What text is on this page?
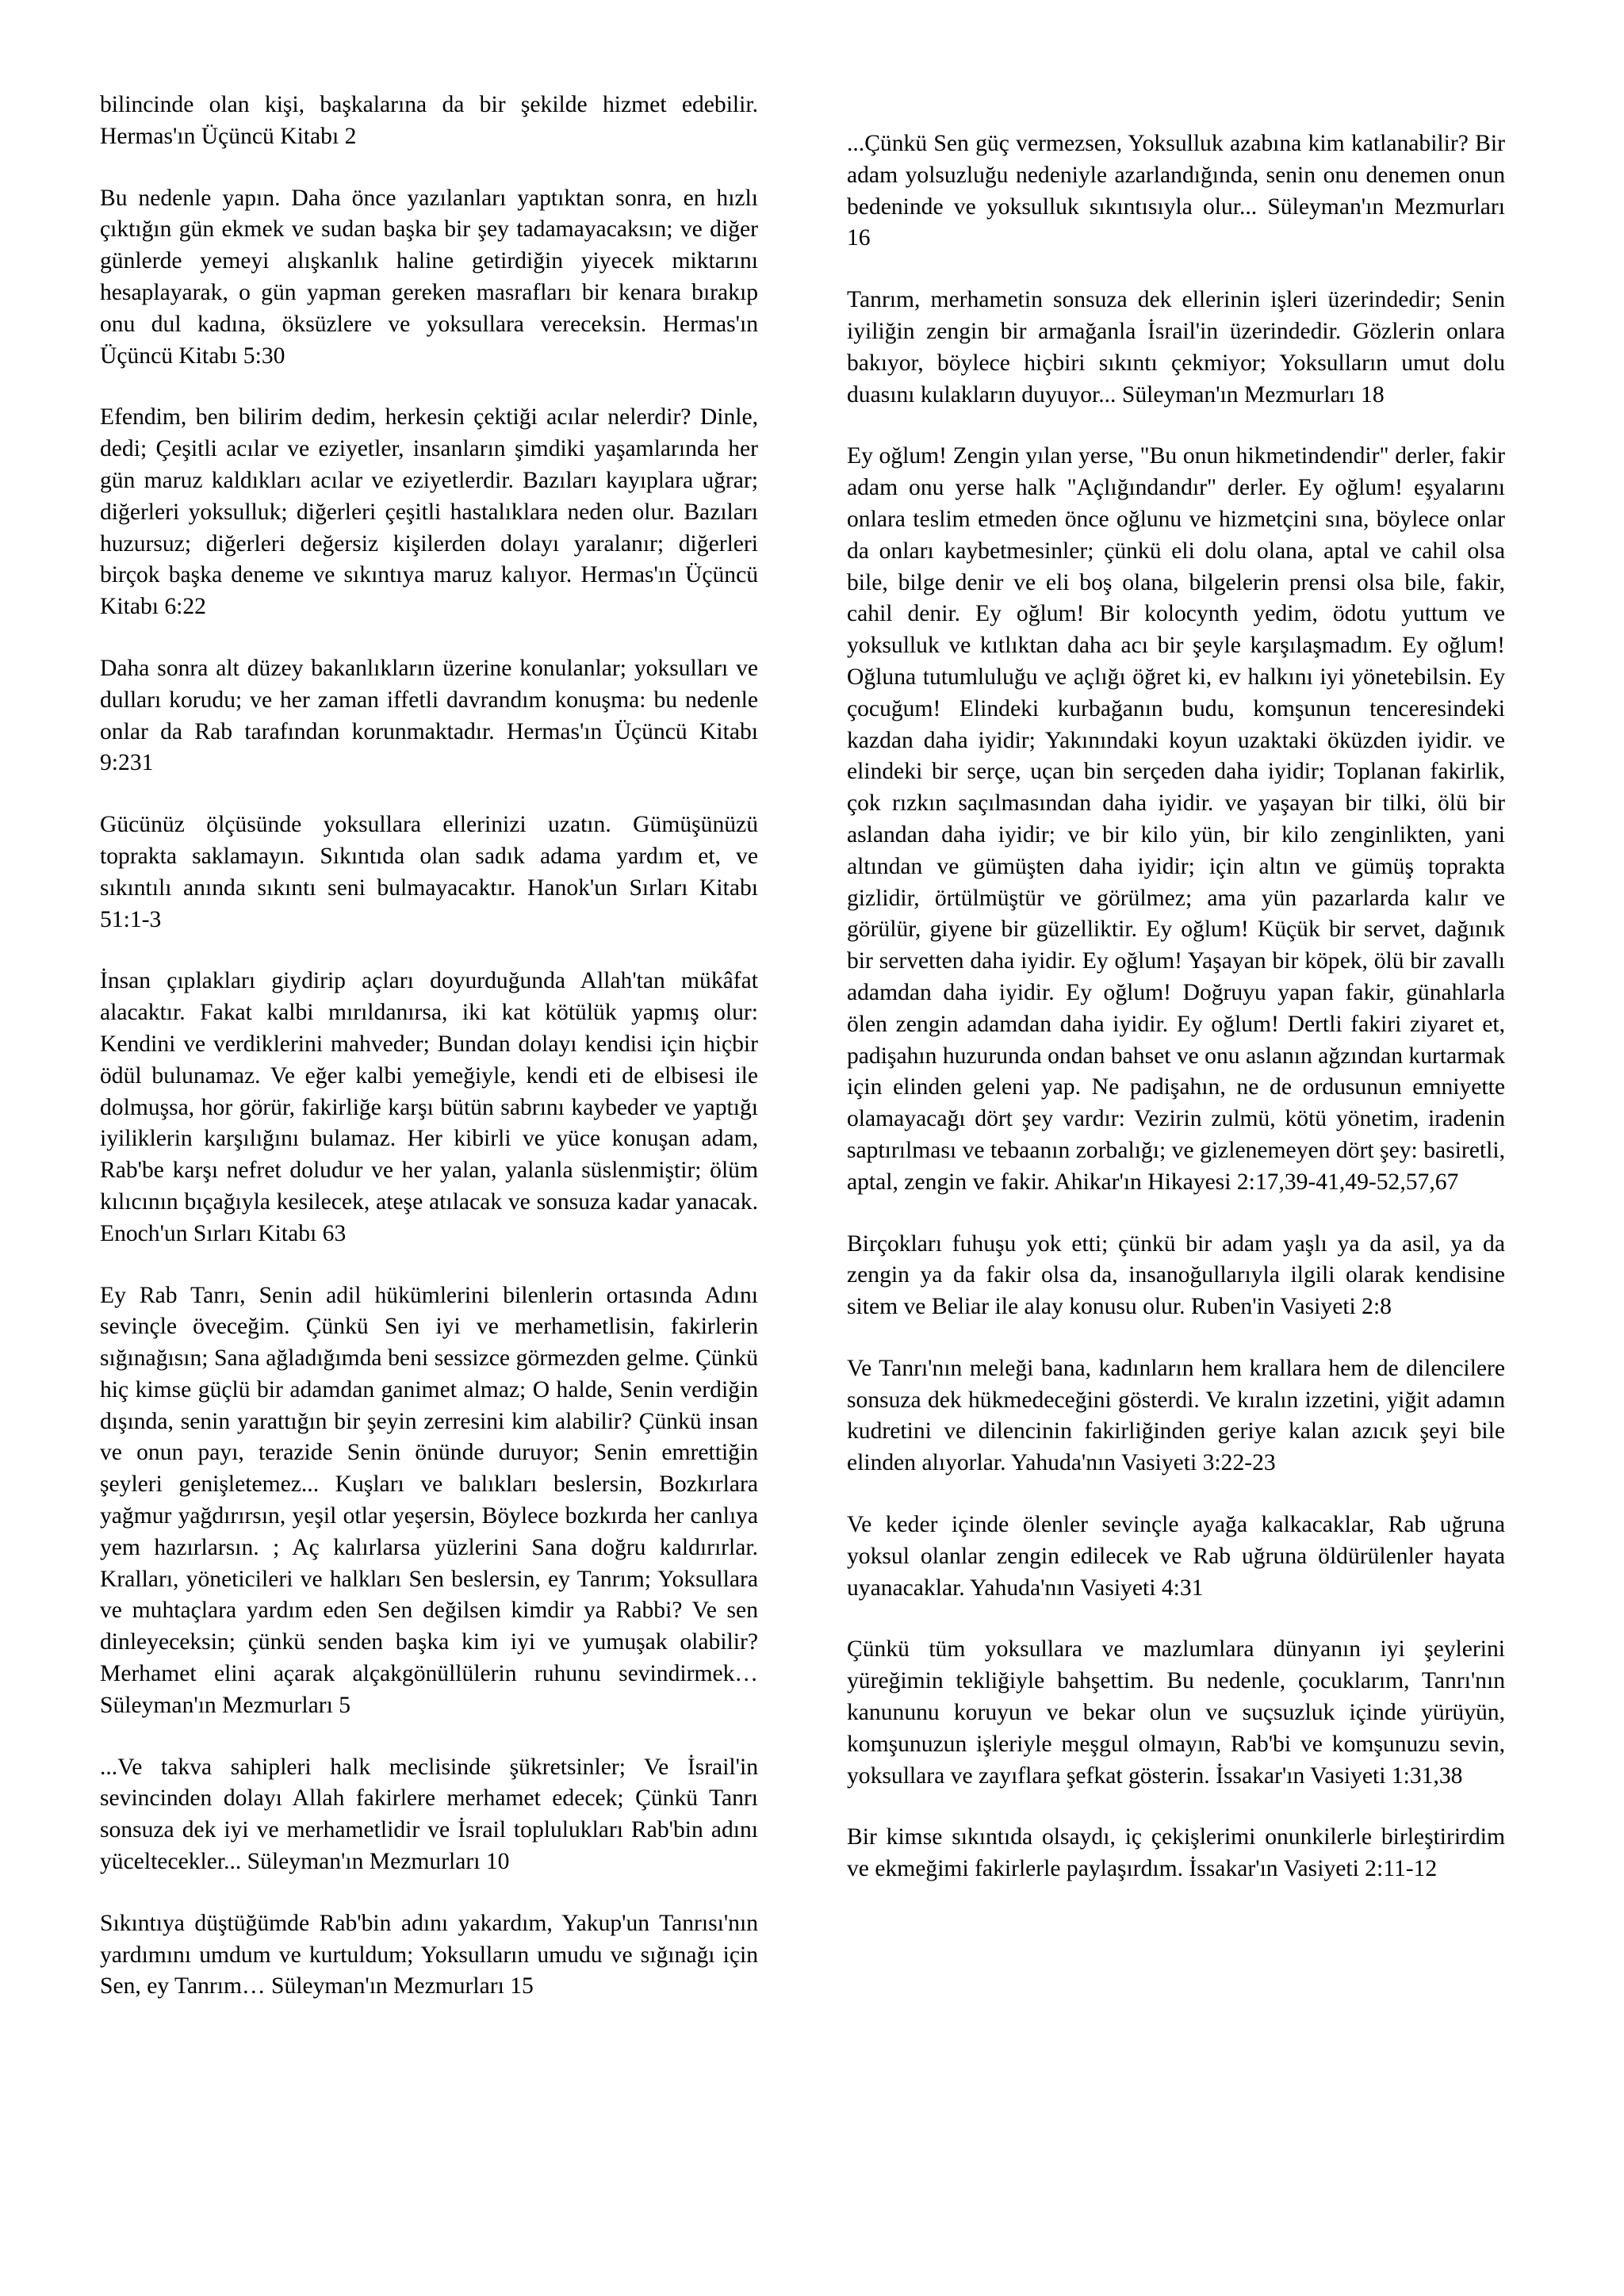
bilincinde olan kişi, başkalarına da bir şekilde hizmet edebilir. Hermas'ın Üçüncü Kitabı 2

Bu nedenle yapın. Daha önce yazılanları yaptıktan sonra, en hızlı çıktığın gün ekmek ve sudan başka bir şey tadamayacaksın; ve diğer günlerde yemeyi alışkanlık haline getirdiğin yiyecek miktarını hesaplayarak, o gün yapman gereken masrafları bir kenara bırakıp onu dul kadına, öksüzlere ve yoksullara vereceksin. Hermas'ın Üçüncü Kitabı 5:30

Efendim, ben bilirim dedim, herkesin çektiği acılar nelerdir? Dinle, dedi; Çeşitli acılar ve eziyetler, insanların şimdiki yaşamlarında her gün maruz kaldıkları acılar ve eziyetlerdir. Bazıları kayıplara uğrar; diğerleri yoksulluk; diğerleri çeşitli hastalıklara neden olur. Bazıları huzursuz; diğerleri değersiz kişilerden dolayı yaralanır; diğerleri birçok başka deneme ve sıkıntıya maruz kalıyor. Hermas'ın Üçüncü Kitabı 6:22

Daha sonra alt düzey bakanlıkların üzerine konulanlar; yoksulları ve dulları korudu; ve her zaman iffetli davrandım konuşma: bu nedenle onlar da Rab tarafından korunmaktadır. Hermas'ın Üçüncü Kitabı 9:231

Gücünüz ölçüsünde yoksullara ellerinizi uzatın. Gümüşünüzü toprakta saklamayın. Sıkıntıda olan sadık adama yardım et, ve sıkıntılı anında sıkıntı seni bulmayacaktır. Hanok'un Sırları Kitabı 51:1-3

İnsan çıplakları giydirip açları doyurduğunda Allah'tan mükâfat alacaktır. Fakat kalbi mırıldanırsa, iki kat kötülük yapmış olur: Kendini ve verdiklerini mahveder; Bundan dolayı kendisi için hiçbir ödül bulunamaz. Ve eğer kalbi yemeğiyle, kendi eti de elbisesi ile dolmuşsa, hor görür, fakirliğe karşı bütün sabrını kaybeder ve yaptığı iyiliklerin karşılığını bulamaz. Her kibirli ve yüce konuşan adam, Rab'be karşı nefret doludur ve her yalan, yalanla süslenmiştir; ölüm kılıcının bıçağıyla kesilecek, ateşe atılacak ve sonsuza kadar yanacak. Enoch'un Sırları Kitabı 63

Ey Rab Tanrı, Senin adil hükümlerini bilenlerin ortasında Adını sevinçle öveceğim. Çünkü Sen iyi ve merhametlisin, fakirlerin sığınağısın; Sana ağladığımda beni sessizce görmezden gelme. Çünkü hiç kimse güçlü bir adamdan ganimet almaz; O halde, Senin verdiğin dışında, senin yarattığın bir şeyin zerresini kim alabilir? Çünkü insan ve onun payı, terazide Senin önünde duruyor; Senin emrettiğin şeyleri genişletemez... Kuşları ve balıkları beslersin, Bozkırlara yağmur yağdırırsın, yeşil otlar yeşersin, Böylece bozkırda her canlıya yem hazırlarsın. ; Aç kalırlarsa yüzlerini Sana doğru kaldırırlar. Kralları, yöneticileri ve halkları Sen beslersin, ey Tanrım; Yoksullara ve muhtaçlara yardım eden Sen değilsen kimdir ya Rabbi? Ve sen dinleyeceksin; çünkü senden başka kim iyi ve yumuşak olabilir? Merhamet elini açarak alçakgönüllülerin ruhunu sevindirmek… Süleyman'ın Mezmurları 5

...Ve takva sahipleri halk meclisinde şükretsinler; Ve İsrail'in sevincinden dolayı Allah fakirlere merhamet edecek; Çünkü Tanrı sonsuza dek iyi ve merhametlidir ve İsrail toplulukları Rab'bin adını yüceltecekler... Süleyman'ın Mezmurları 10

Sıkıntıya düştüğümde Rab'bin adını yakardım, Yakup'un Tanrısı'nın yardımını umdum ve kurtuldum; Yoksulların umudu ve sığınağı için Sen, ey Tanrım… Süleyman'ın Mezmurları 15

...Çünkü Sen güç vermezsen, Yoksulluk azabına kim katlanabilir? Bir adam yolsuzluğu nedeniyle azarlandığında, senin onu denemen onun bedeninde ve yoksulluk sıkıntısıyla olur... Süleyman'ın Mezmurları 16

Tanrım, merhametin sonsuza dek ellerinin işleri üzerindedir; Senin iyiliğin zengin bir armağanla İsrail'in üzerindedir. Gözlerin onlara bakıyor, böylece hiçbiri sıkıntı çekmiyor; Yoksulların umut dolu duasını kulakların duyuyor... Süleyman'ın Mezmurları 18

Ey oğlum! Zengin yılan yerse, "Bu onun hikmetindendir" derler, fakir adam onu yerse halk "Açlığındandır" derler. Ey oğlum! eşyalarını onlara teslim etmeden önce oğlunu ve hizmetçini sına, böylece onlar da onları kaybetmesinler; çünkü eli dolu olana, aptal ve cahil olsa bile, bilge denir ve eli boş olana, bilgelerin prensi olsa bile, fakir, cahil denir. Ey oğlum! Bir kolocynth yedim, ödotu yuttum ve yoksulluk ve kıtlıktan daha acı bir şeyle karşılaşmadım. Ey oğlum! Oğluna tutumluluğu ve açlığı öğret ki, ev halkını iyi yönetebilsin. Ey çocuğum! Elindeki kurbağanın budu, komşunun tenceresindeki kazdan daha iyidir; Yakınındaki koyun uzaktaki öküzden iyidir. ve elindeki bir serçe, uçan bin serçeden daha iyidir; Toplanan fakirlik, çok rızkın saçılmasından daha iyidir. ve yaşayan bir tilki, ölü bir aslandan daha iyidir; ve bir kilo yün, bir kilo zenginlikten, yani altından ve gümüşten daha iyidir; için altın ve gümüş toprakta gizlidir, örtülmüştür ve görülmez; ama yün pazarlarda kalır ve görülür, giyene bir güzelliktir. Ey oğlum! Küçük bir servet, dağınık bir servetten daha iyidir. Ey oğlum! Yaşayan bir köpek, ölü bir zavallı adamdan daha iyidir. Ey oğlum! Doğruyu yapan fakir, günahlarla ölen zengin adamdan daha iyidir. Ey oğlum! Dertli fakiri ziyaret et, padişahın huzurunda ondan bahset ve onu aslanın ağzından kurtarmak için elinden geleni yap. Ne padişahın, ne de ordusunun emniyette olamayacağı dört şey vardır: Vezirin zulmü, kötü yönetim, iradenin saptırılması ve tebaanın zorbalığı; ve gizlenemeyen dört şey: basiretli, aptal, zengin ve fakir. Ahikar'ın Hikayesi 2:17,39-41,49-52,57,67

Birçokları fuhuşu yok etti; çünkü bir adam yaşlı ya da asil, ya da zengin ya da fakir olsa da, insanoğullarıyla ilgili olarak kendisine sitem ve Beliar ile alay konusu olur. Ruben'in Vasiyeti 2:8

Ve Tanrı'nın meleği bana, kadınların hem krallara hem de dilencilere sonsuza dek hükmedeceğini gösterdi. Ve kıralın izzetini, yiğit adamın kudretini ve dilencinin fakirliğinden geriye kalan azıcık şeyi bile elinden alıyorlar. Yahuda'nın Vasiyeti 3:22-23

Ve keder içinde ölenler sevinçle ayağa kalkacaklar, Rab uğruna yoksul olanlar zengin edilecek ve Rab uğruna öldürülenler hayata uyanacaklar. Yahuda'nın Vasiyeti 4:31

Çünkü tüm yoksullara ve mazlumlara dünyanın iyi şeylerini yüreğimin tekliğiyle bahşettim. Bu nedenle, çocuklarım, Tanrı'nın kanununu koruyun ve bekar olun ve suçsuzluk içinde yürüyün, komşunuzun işleriyle meşgul olmayın, Rab'bi ve komşunuzu sevin, yoksullara ve zayıflara şefkat gösterin. İssakar'ın Vasiyeti 1:31,38

Bir kimse sıkıntıda olsaydı, iç çekişlerimi onunkilerle birleştirirdim ve ekmeğimi fakirlerle paylaşırdım. İssakar'ın Vasiyeti 2:11-12
